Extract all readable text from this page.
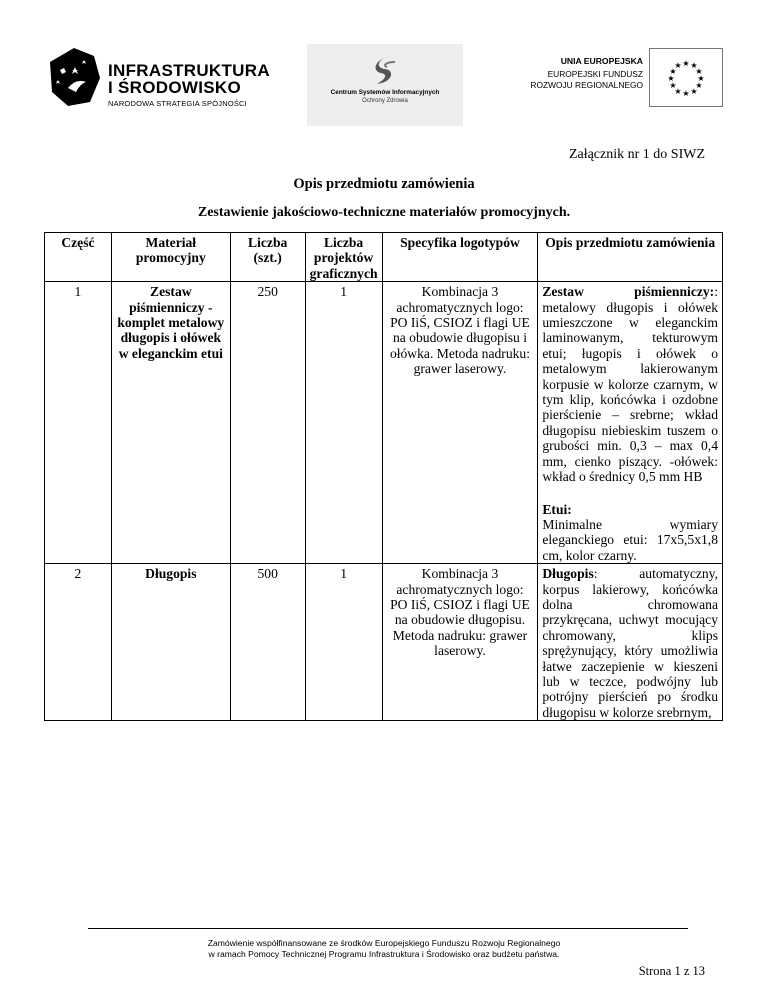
INFRASTRUKTURA
I ŚRODOWISKO
NARODOWA STRATEGIA SPÓJNOŚCI
Centrum Systemów Informacyjnych
Ochrony Zdrowia
UNIA EUROPEJSKA
EUROPEJSKI FUNDUSZ
ROZWOJU REGIONALNEGO
★ ★
★
★
★
★
★
★
★
★
★
★
Załącznik nr 1 do SIWZ
Opis przedmiotu zamówienia
Zestawienie jakościowo-techniczne materiałów promocyjnych.
Część	Materiał promocyjny	Liczba (szt.)	Liczba projektów graficznych	Specyfika logotypów	Opis przedmiotu zamówienia
1	Zestaw piśmienniczy - komplet metalowy długopis i ołówek w eleganckim etui	250	1	Kombinacja 3 achromatycznych logo: PO IiŚ, CSIOZ i flagi UE na obudowie długopisu i ołówka. Metoda nadruku: grawer laserowy.	Zestaw piśmienniczy:: metalowy długopis i ołówek umieszczone w eleganckim laminowanym, tekturowym etui; ługopis i ołówek o metalowym lakierowanym korpusie w kolorze czarnym, w tym klip, końcówka i ozdobne pierścienie – srebrne; wkład długopisu niebieskim tuszem o grubości min. 0,3 – max 0,4 mm, cienko piszący. -ołówek: wkład o średnicy 0,5 mm HB
Etui:
Minimalne wymiary eleganckiego etui: 17x5,5x1,8 cm, kolor czarny.

2	Długopis	500	1	Kombinacja 3 achromatycznych logo: PO IiŚ, CSIOZ i flagi UE na obudowie długopisu. Metoda nadruku: grawer laserowy.	Długopis: automatyczny, korpus lakierowy, końcówka dolna chromowana przykręcana, uchwyt mocujący chromowany, klips sprężynujący, który umożliwia łatwe zaczepienie w kieszeni lub w teczce, podwójny lub potrójny pierścień po środku długopisu w kolorze srebrnym,
Zamówienie współfinansowane ze środków Europejskiego Funduszu Rozwoju Regionalnego
w ramach Pomocy Technicznej Programu Infrastruktura i Środowisko oraz budżetu państwa.
Strona 1 z 13
